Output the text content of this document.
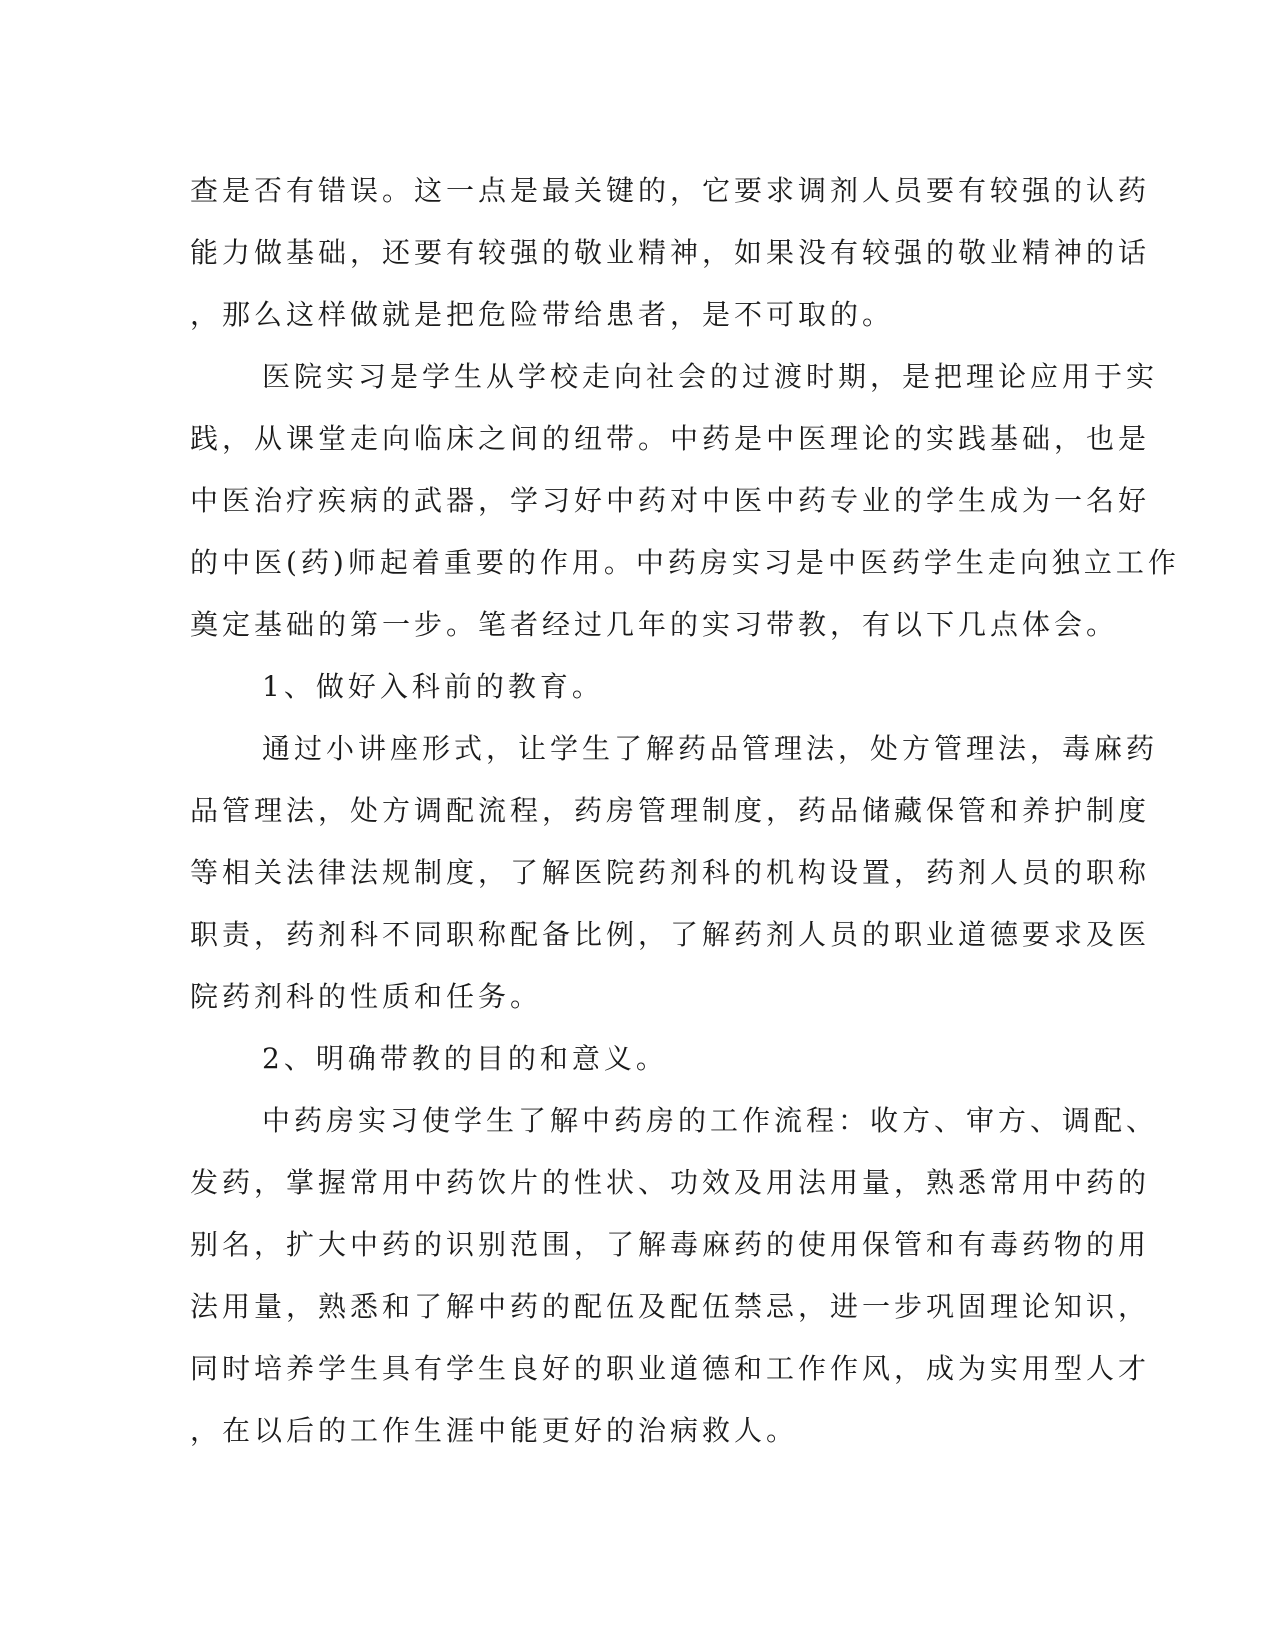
查是否有错误。这一点是最关键的，它要求调剂人员要有较强的认药

能力做基础，还要有较强的敬业精神，如果没有较强的敬业精神的话

，那么这样做就是把危险带给患者，是不可取的。

医院实习是学生从学校走向社会的过渡时期，是把理论应用于实

践，从课堂走向临床之间的纽带。中药是中医理论的实践基础，也是

中医治疗疾病的武器，学习好中药对中医中药专业的学生成为一名好

的中医(药)师起着重要的作用。中药房实习是中医药学生走向独立工作

奠定基础的第一步。笔者经过几年的实习带教，有以下几点体会。

1、做好入科前的教育。

通过小讲座形式，让学生了解药品管理法，处方管理法，毒麻药

品管理法，处方调配流程，药房管理制度，药品储藏保管和养护制度

等相关法律法规制度，了解医院药剂科的机构设置，药剂人员的职称

职责，药剂科不同职称配备比例，了解药剂人员的职业道德要求及医

院药剂科的性质和任务。

2、明确带教的目的和意义。

中药房实习使学生了解中药房的工作流程：收方、审方、调配、

发药，掌握常用中药饮片的性状、功效及用法用量，熟悉常用中药的

别名，扩大中药的识别范围，了解毒麻药的使用保管和有毒药物的用

法用量，熟悉和了解中药的配伍及配伍禁忌，进一步巩固理论知识，

同时培养学生具有学生良好的职业道德和工作作风，成为实用型人才

，在以后的工作生涯中能更好的治病救人。
